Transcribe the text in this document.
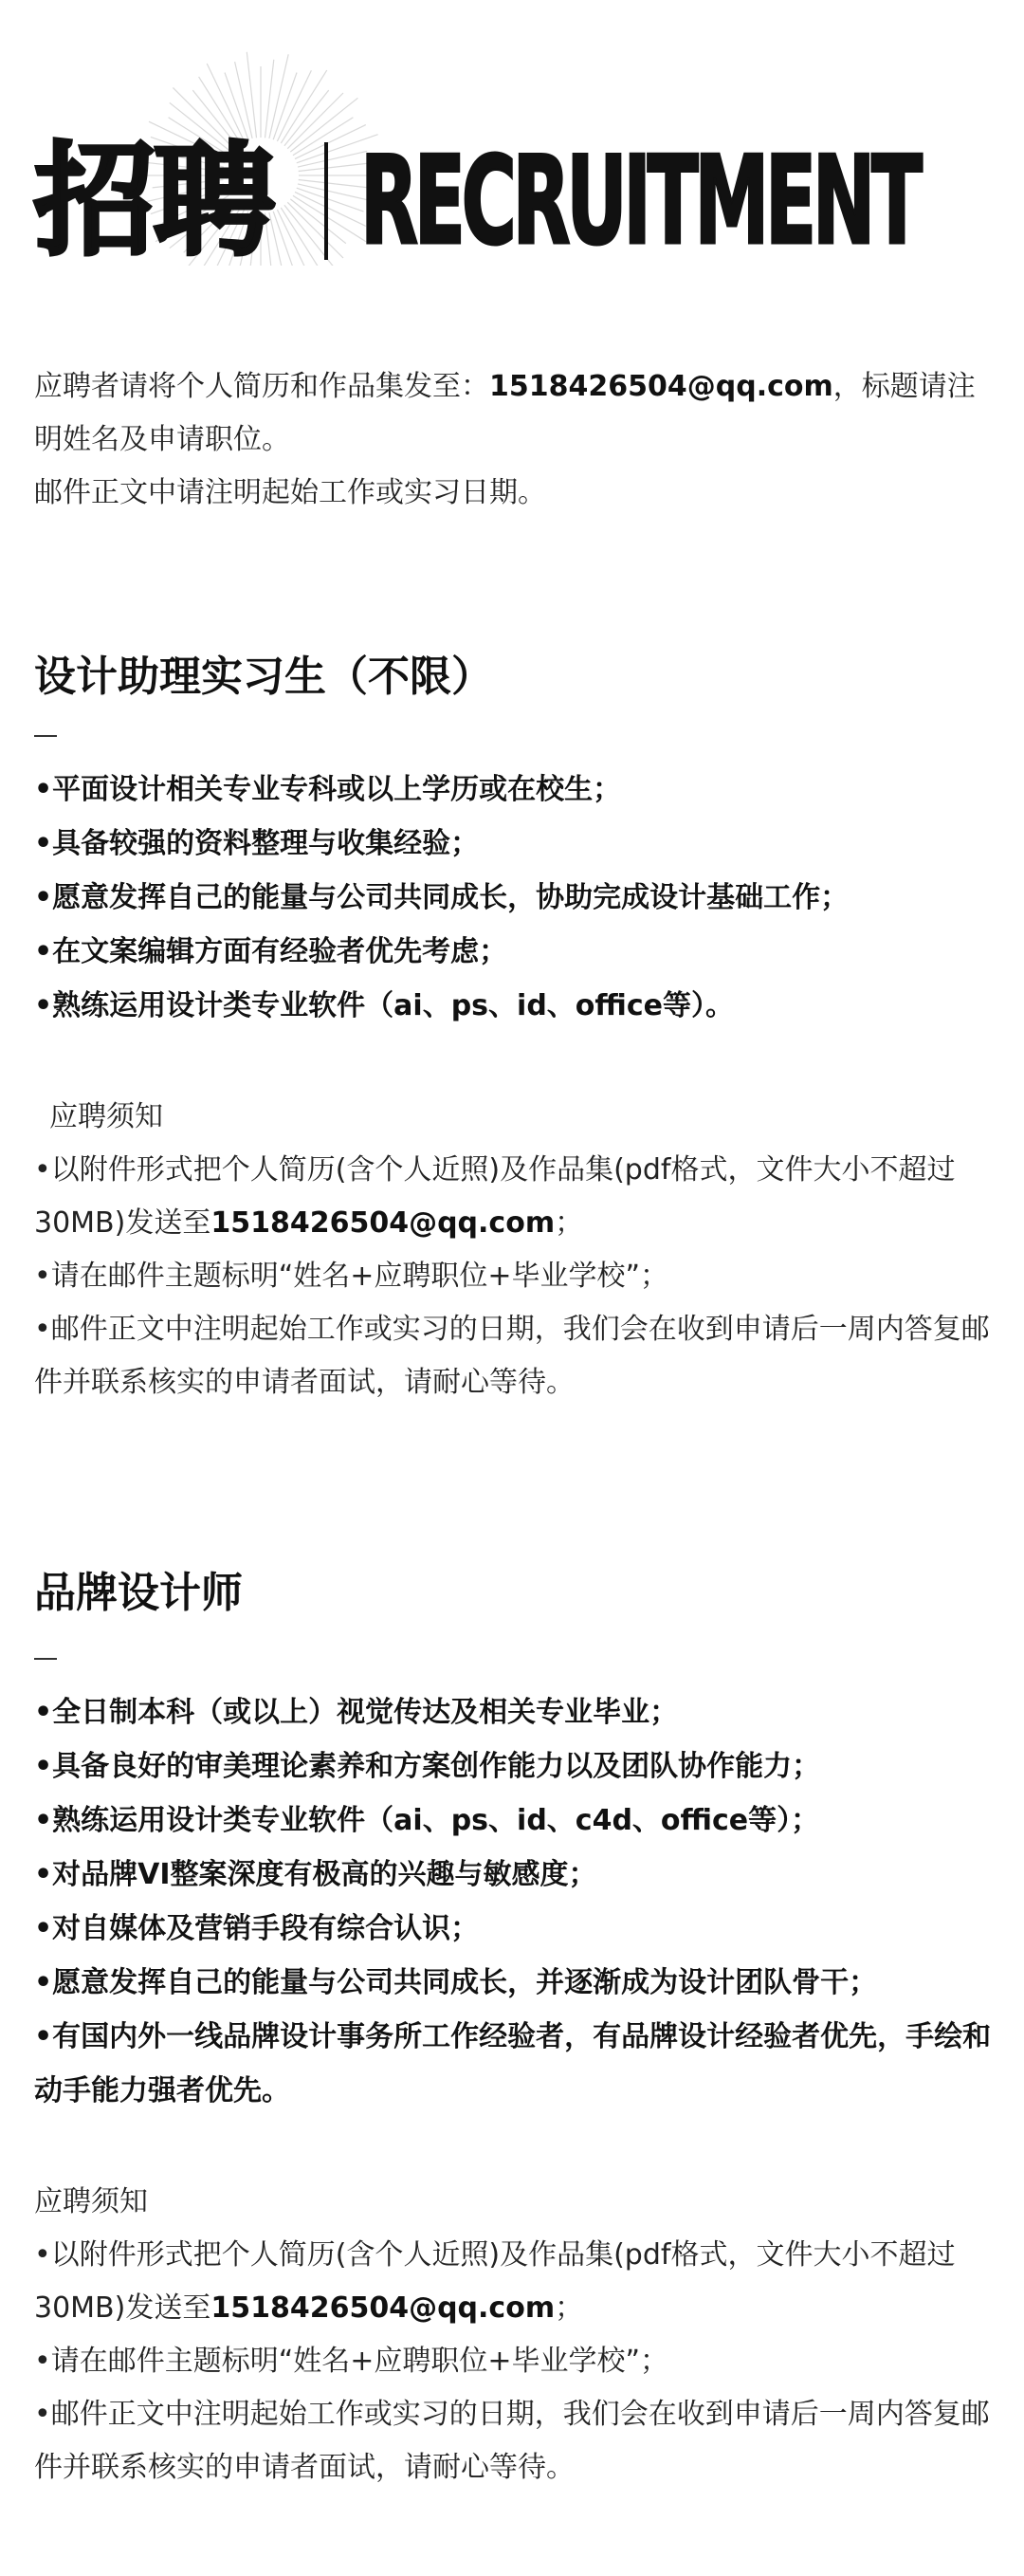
招聘 RECRUITMENT

应聘者请将个人简历和作品集发至：1518426504@qq.com，标题请注明姓名及申请职位。

邮件正文中请注明起始工作或实习日期。

设计助理实习生（不限）
•平面设计相关专业专科或以上学历或在校生；
•具备较强的资料整理与收集经验；
•愿意发挥自己的能量与公司共同成长，协助完成设计基础工作；
•在文案编辑方面有经验者优先考虑；
•熟练运用设计类专业软件（ai、ps、id、office等）。
应聘须知
•以附件形式把个人简历(含个人近照)及作品集(pdf格式，文件大小不超过30MB)发送至1518426504@qq.com；
•请在邮件主题标明“姓名+应聘职位+毕业学校”；
•邮件正文中注明起始工作或实习的日期，我们会在收到申请后一周内答复邮件并联系核实的申请者面试，请耐心等待。
品牌设计师
•全日制本科（或以上）视觉传达及相关专业毕业；
•具备良好的审美理论素养和方案创作能力以及团队协作能力；
•熟练运用设计类专业软件（ai、ps、id、c4d、office等）；
•对品牌VI整案深度有极高的兴趣与敏感度；
•对自媒体及营销手段有综合认识；
•愿意发挥自己的能量与公司共同成长，并逐渐成为设计团队骨干；
•有国内外一线品牌设计事务所工作经验者，有品牌设计经验者优先，手绘和动手能力强者优先。
应聘须知
•以附件形式把个人简历(含个人近照)及作品集(pdf格式，文件大小不超过30MB)发送至1518426504@qq.com；
•请在邮件主题标明“姓名+应聘职位+毕业学校”；
•邮件正文中注明起始工作或实习的日期，我们会在收到申请后一周内答复邮件并联系核实的申请者面试，请耐心等待。
